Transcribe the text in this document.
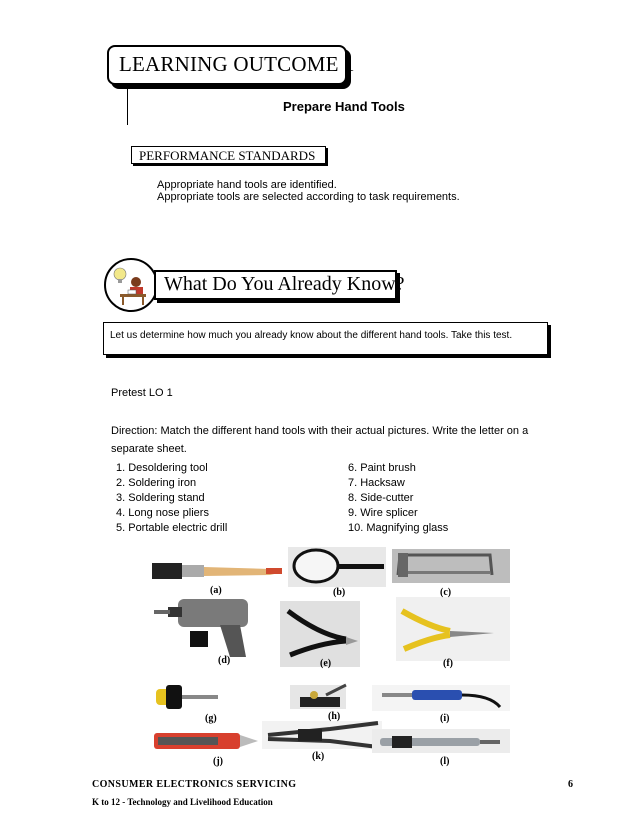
LEARNING OUTCOME 1
Prepare Hand Tools
PERFORMANCE STANDARDS
Appropriate hand tools are identified.
Appropriate tools are selected according to task requirements.
What Do You Already Know?
Let us determine how much you already know about the different hand tools. Take this test.
Pretest LO 1
Direction: Match the different hand tools with their actual pictures. Write the letter on a separate sheet.
1. Desoldering tool
2. Soldering iron
3. Soldering stand
4. Long nose pliers
5. Portable electric drill
6. Paint brush
7. Hacksaw
8. Side-cutter
9. Wire splicer
10. Magnifying glass
(a)	(b)	(c)
(d)	(e)	(f)
(g)	(h)	(i)
(j)	(k)	(l)
CONSUMER ELECTRONICS SERVICING
K to 12 - Technology and Livelihood Education
6
